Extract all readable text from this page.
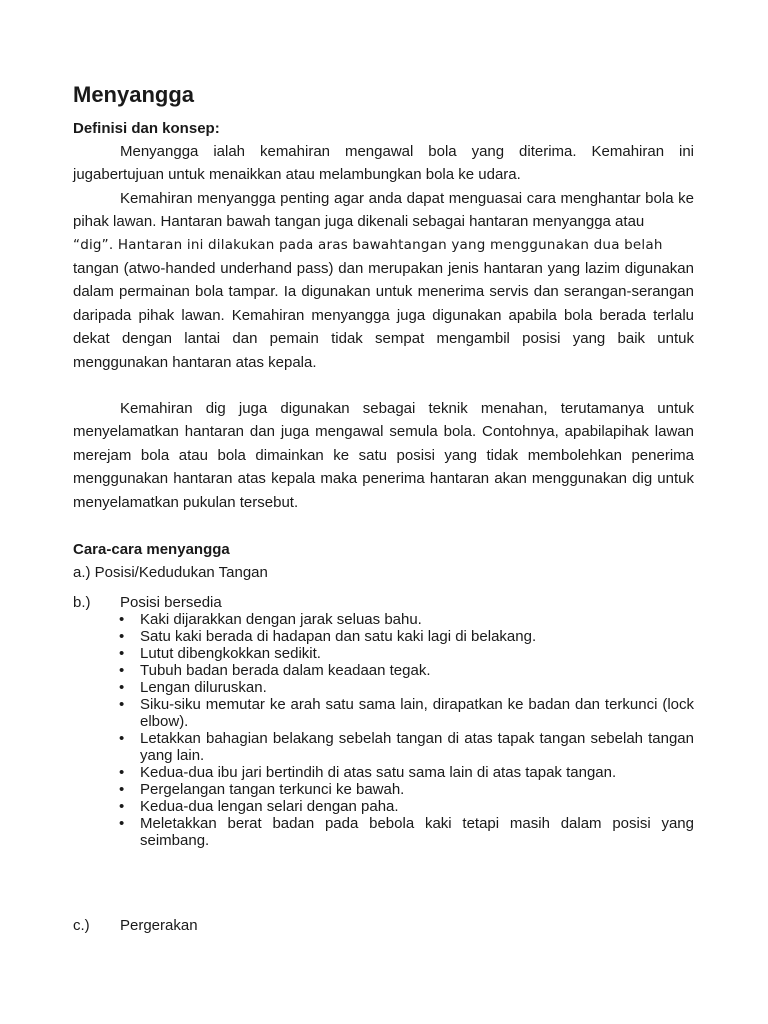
Menyangga
Definisi dan konsep:

Menyangga ialah kemahiran mengawal bola yang diterima. Kemahiran ini jugabertujuan untuk menaikkan atau melambungkan bola ke udara.

Kemahiran menyangga penting agar anda dapat menguasai cara menghantar bola ke pihak lawan. Hantaran bawah tangan juga dikenali sebagai hantaran menyangga atau

“dig”. Hantaran ini dilakukan pada aras bawahtangan yang menggunakan dua belah

tangan (atwo-handed underhand pass) dan merupakan jenis hantaran yang lazim digunakan dalam permainan bola tampar. Ia digunakan untuk menerima servis dan serangan-serangan daripada pihak lawan. Kemahiran menyangga juga digunakan apabila bola berada terlalu dekat dengan lantai dan pemain tidak sempat mengambil posisi yang baik untuk menggunakan hantaran atas kepala.

Kemahiran dig juga digunakan sebagai teknik menahan, terutamanya untuk menyelamatkan hantaran dan juga mengawal semula bola. Contohnya, apabilapihak lawan merejam bola atau bola dimainkan ke satu posisi yang tidak membolehkan penerima menggunakan hantaran atas kepala maka penerima hantaran akan menggunakan dig untuk menyelamatkan pukulan tersebut.

Cara-cara menyangga
a.) Posisi/Kedudukan Tangan
b.)	Posisi bersedia
•	Kaki dijarakkan dengan jarak seluas bahu.
•	Satu kaki berada di hadapan dan satu kaki lagi di belakang.
•	Lutut dibengkokkan sedikit.
•	Tubuh badan berada dalam keadaan tegak.
•	Lengan diluruskan.
•	Siku-siku memutar ke arah satu sama lain, dirapatkan ke badan dan terkunci (lock elbow).
•	Letakkan bahagian belakang sebelah tangan di atas tapak tangan sebelah tangan yang lain.
•	Kedua-dua ibu jari bertindih di atas satu sama lain di atas tapak tangan.
•	Pergelangan tangan terkunci ke bawah.
•	Kedua-dua lengan selari dengan paha.
•	Meletakkan berat badan pada bebola kaki tetapi masih dalam posisi yang seimbang.
c.)	Pergerakan
